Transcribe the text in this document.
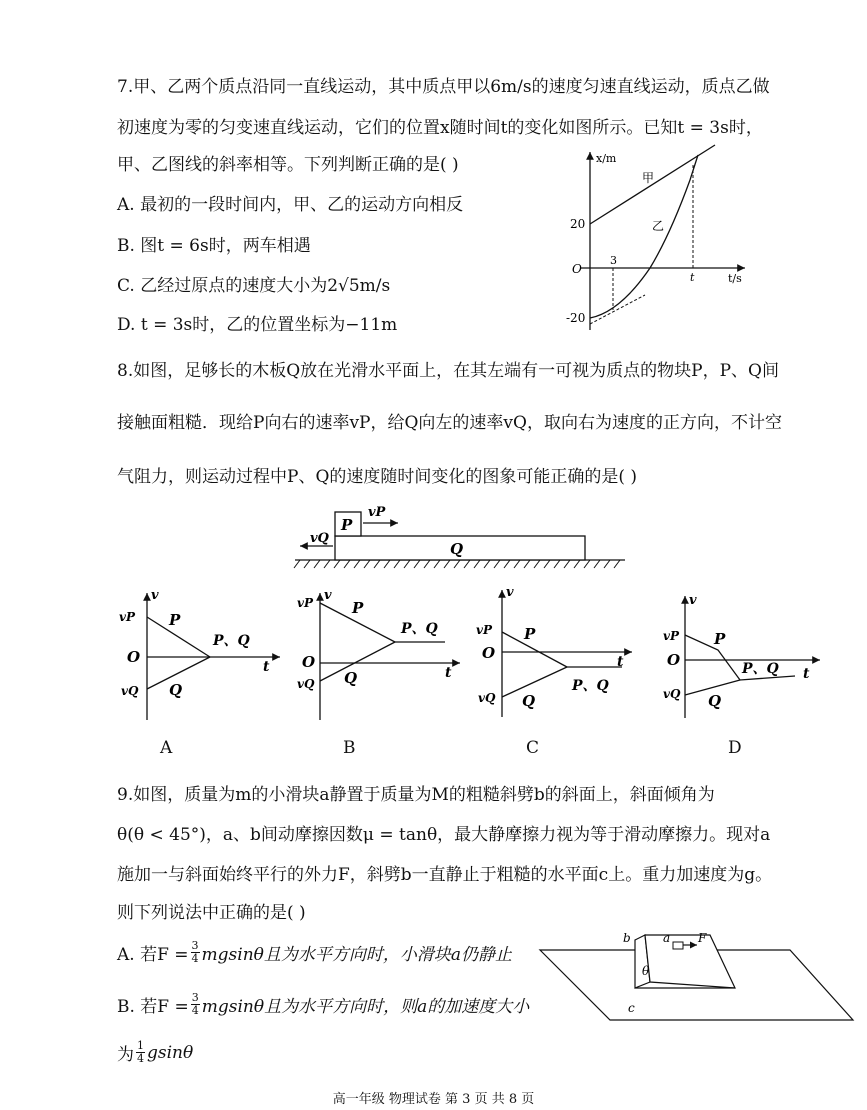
7.甲、乙两个质点沿同一直线运动，其中质点甲以6m/s的速度匀速直线运动，质点乙做
初速度为零的匀变速直线运动，它们的位置x随时间t的变化如图所示。已知t = 3s时，
甲、乙图线的斜率相等。下列判断正确的是( )
A. 最初的一段时间内，甲、乙的运动方向相反
B. 图t = 6s时，两车相遇
C. 乙经过原点的速度大小为2√5m/s
D. t = 3s时，乙的位置坐标为−11m
x/m
t/s
O
20
-20
3
t
甲
乙
8.如图，足够长的木板Q放在光滑水平面上，在其左端有一可视为质点的物块P，P、Q间
接触面粗糙．现给P向右的速率vP，给Q向左的速率vQ，取向右为速度的正方向，不计空
气阻力，则运动过程中P、Q的速度随时间变化的图象可能正确的是( )
P
Q
vP
vQ
v
vP
O
vQ
t
P
Q
P、Q
A
v
vP
O
vQ
t
P
Q
P、Q
B
v
vP
O
vQ
t
P
Q
P、Q
C
v
vP
O
vQ
t
P
Q
P、Q
D
9.如图，质量为m的小滑块a静置于质量为M的粗糙斜劈b的斜面上，斜面倾角为
θ(θ < 45°)，a、b间动摩擦因数μ = tanθ，最大静摩擦力视为等于滑动摩擦力。现对a
施加一与斜面始终平行的外力F，斜劈b一直静止于粗糙的水平面c上。重力加速度为g。
则下列说法中正确的是( )
A. 若$F = \frac{3}{4}$ mgsinθ且为水平方向时，小滑块a仍静止
B. 若$F = \frac{3}{4}$ mgsinθ且为水平方向时，则a的加速度大小
为 $\frac{1}{4}$ gsinθ
b	a F
θ
c
高一年级 物理试卷 第 3 页 共 8 页
